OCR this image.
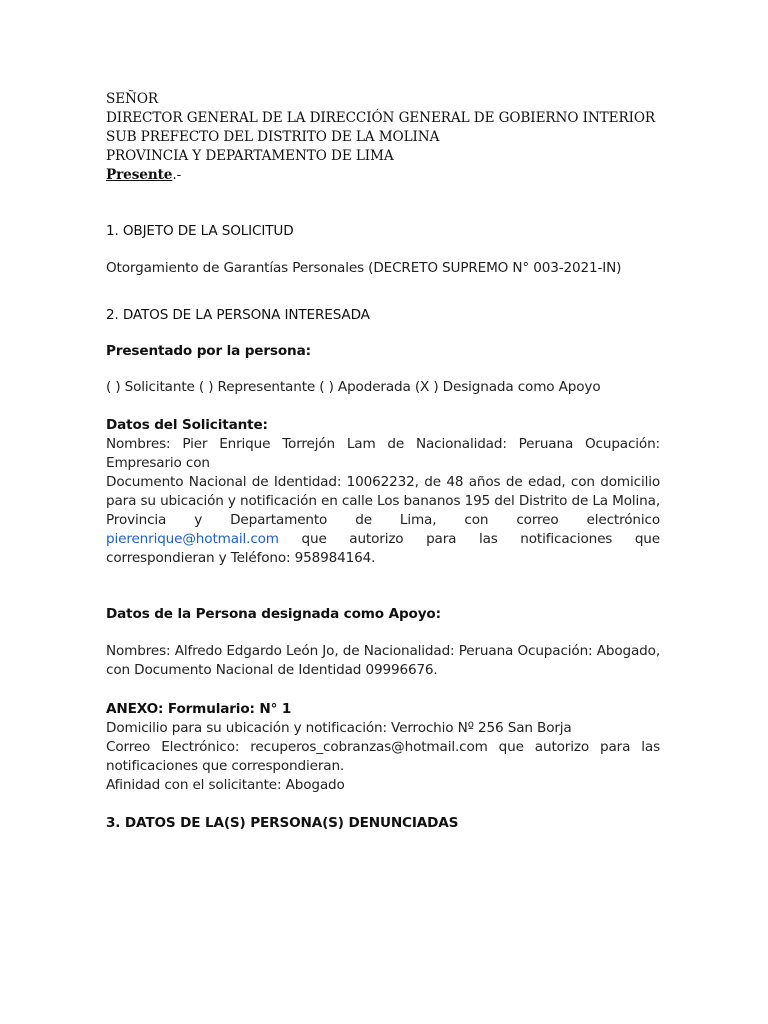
SEÑOR

DIRECTOR GENERAL DE LA DIRECCIÓN GENERAL DE GOBIERNO INTERIOR

SUB PREFECTO DEL DISTRITO DE LA MOLINA

PROVINCIA Y DEPARTAMENTO DE LIMA

Presente.-

1. OBJETO DE LA SOLICITUD

Otorgamiento de Garantías Personales (DECRETO SUPREMO N° 003-2021-IN)

2. DATOS DE LA PERSONA INTERESADA

Presentado por la persona:

( ) Solicitante ( ) Representante ( ) Apoderada (X ) Designada como Apoyo

Datos del Solicitante:

Nombres: Pier Enrique Torrejón Lam de Nacionalidad: Peruana Ocupación: Empresario con

Documento Nacional de Identidad: 10062232, de 48 años de edad, con domicilio para su ubicación y notificación en calle Los bananos 195 del Distrito de La Molina, Provincia y Departamento de Lima, con correo electrónico pierenrique@hotmail.com que autorizo para las notificaciones que correspondieran y Teléfono: 958984164.

Datos de la Persona designada como Apoyo:

Nombres: Alfredo Edgardo León Jo, de Nacionalidad: Peruana Ocupación: Abogado, con Documento Nacional de Identidad 09996676.

ANEXO: Formulario: N° 1

Domicilio para su ubicación y notificación: Verrochio Nº 256 San Borja

Correo Electrónico: recuperos_cobranzas@hotmail.com que autorizo para las notificaciones que correspondieran.

Afinidad con el solicitante: Abogado

3. DATOS DE LA(S) PERSONA(S) DENUNCIADAS
